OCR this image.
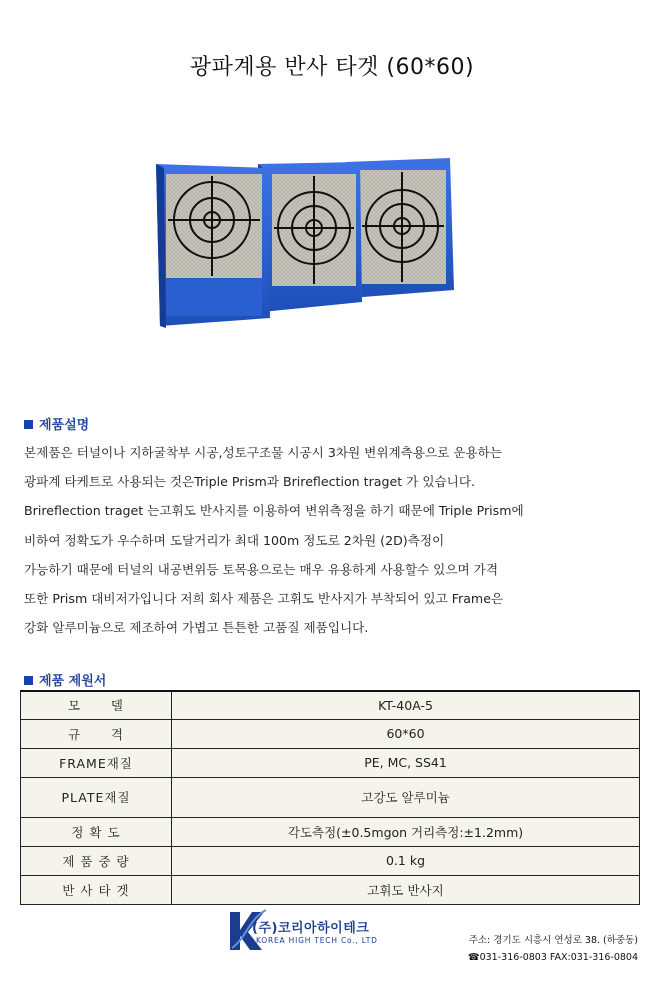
광파계용 반사 타겟 (60*60)
제품설명
본제품은 터널이나 지하굴착부 시공,성토구조물 시공시 3차원 변위계측용으로 운용하는
광파계 타케트로 사용되는 것은Triple Prism과 Brireflection traget 가 있습니다.
Brireflection traget 는고휘도 반사지를 이용하여 변위측정을 하기 때문에 Triple Prism에
비하여 정확도가 우수하며 도달거리가 최대 100m 정도로 2차원 (2D)측정이
가능하기 때문에 터널의 내공변위등 토목용으로는 매우 유용하게 사용할수 있으며 가격
또한 Prism 대비저가입니다 저희 회사 제품은 고휘도 반사지가 부착되어 있고 Frame은
강화 알루미늄으로 제조하여 가볍고 튼튼한 고품질 제품입니다.
제품 제원서
모      델	KT-40A-5
규      격	60*60
FRAME재질	PE, MC, SS41
PLATE재질	고강도 알루미늄
정 확 도	각도측정(±0.5mgon 거리측정:±1.2mm)
제 품 중 량	0.1 kg
반 사 타 겟	고휘도 반사지
(주)코리아하이테크
KOREA HIGH TECH Co., LTD	주소: 경기도 시흥시 연성로 38. (하중동)
☎031-316-0803 FAX:031-316-0804
